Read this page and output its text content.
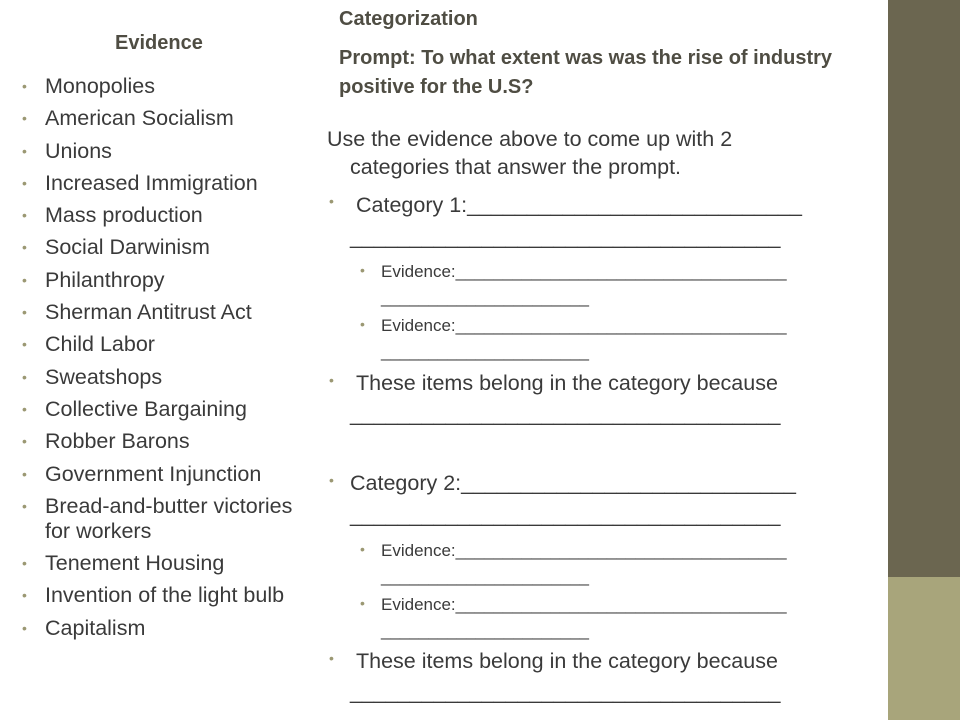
Evidence
• Monopolies
• American Socialism
• Unions
• Increased Immigration
• Mass production
• Social Darwinism
• Philanthropy
• Sherman Antitrust Act
• Child Labor
• Sweatshops
• Collective Bargaining
• Robber Barons
• Government Injunction
• Bread-and-butter victories for workers
• Tenement Housing
• Invention of the light bulb
• Capitalism
Categorization
Prompt: To what extent was was the rise of industry positive for the U.S?
Use the evidence above to come up with 2
categories that answer the prompt.
• Category 1:____________________________
____________________________________
• Evidence:___________________________________
______________________
• Evidence:___________________________________
______________________
• These items belong in the category because
____________________________________
• Category 2:____________________________
____________________________________
• Evidence:___________________________________
______________________
• Evidence:___________________________________
______________________
• These items belong in the category because
____________________________________
